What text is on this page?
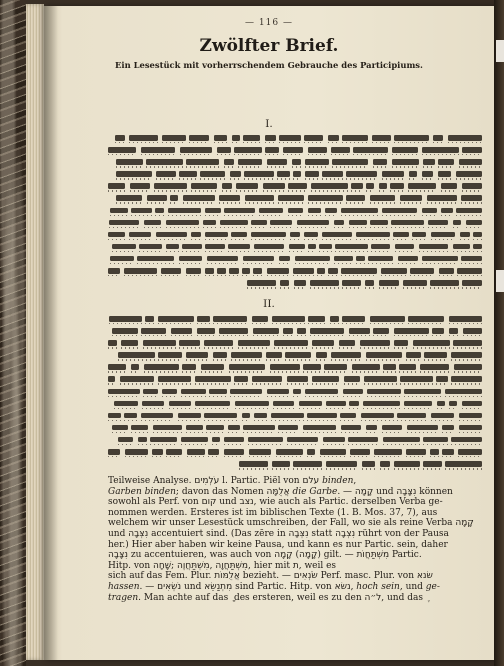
— 116 —
Zwölfter Brief.
Ein Lesestück mit vorherrschendem Gebrauche des Participiums.
I.
II.
Teilweise Analyse. עֹלְמִים l. Partic. Piël von עלם binden,
Garben binden; davon das Nomen אֲלֻמָּה die Garbe. — קָמָה und נִצָּבָה können
sowohl als Perf. von קום und נצב, wie auch als Partic. derselben Verba ge-
nommen werden. Ersteres ist im biblischen Texte (1. B. Mos. 37, 7), aus
welchem wir unser Lesestück umschreiben, der Fall, wo sie als reine Verba קָמָה
und נִצְּבָה accentuiert sind. (Das zēre in נִצְּבָה statt נִצְבָה rührt von der Pausa
her.) Hier aber haben wir keine Pausa, und kann es nur Partic. sein, daher
נִצָּבָה zu accentuieren, was auch von קָמָה (קָמָה) gilt. — מִשְׁתַּחֲוֹת Partic.
Hitp. von שָׁחָה; מִשְׁתַּחֲוֶה, מִשְׁתַּחֲוָה, hier mit ת, weil es
sich auf das Fem. Plur. אֲלֻמּוֹת bezieht. — שֹׂנְאִים Perf. masc. Plur. von שׂנא
hassen. — נֹשְׂאִים und מִתְנַשֵּׂא sind Partic. Hitp. von נשׂא, hoch sein, und ge-
tragen. Man achte auf das des ersteren, weil es zu den ל״ה, und das
